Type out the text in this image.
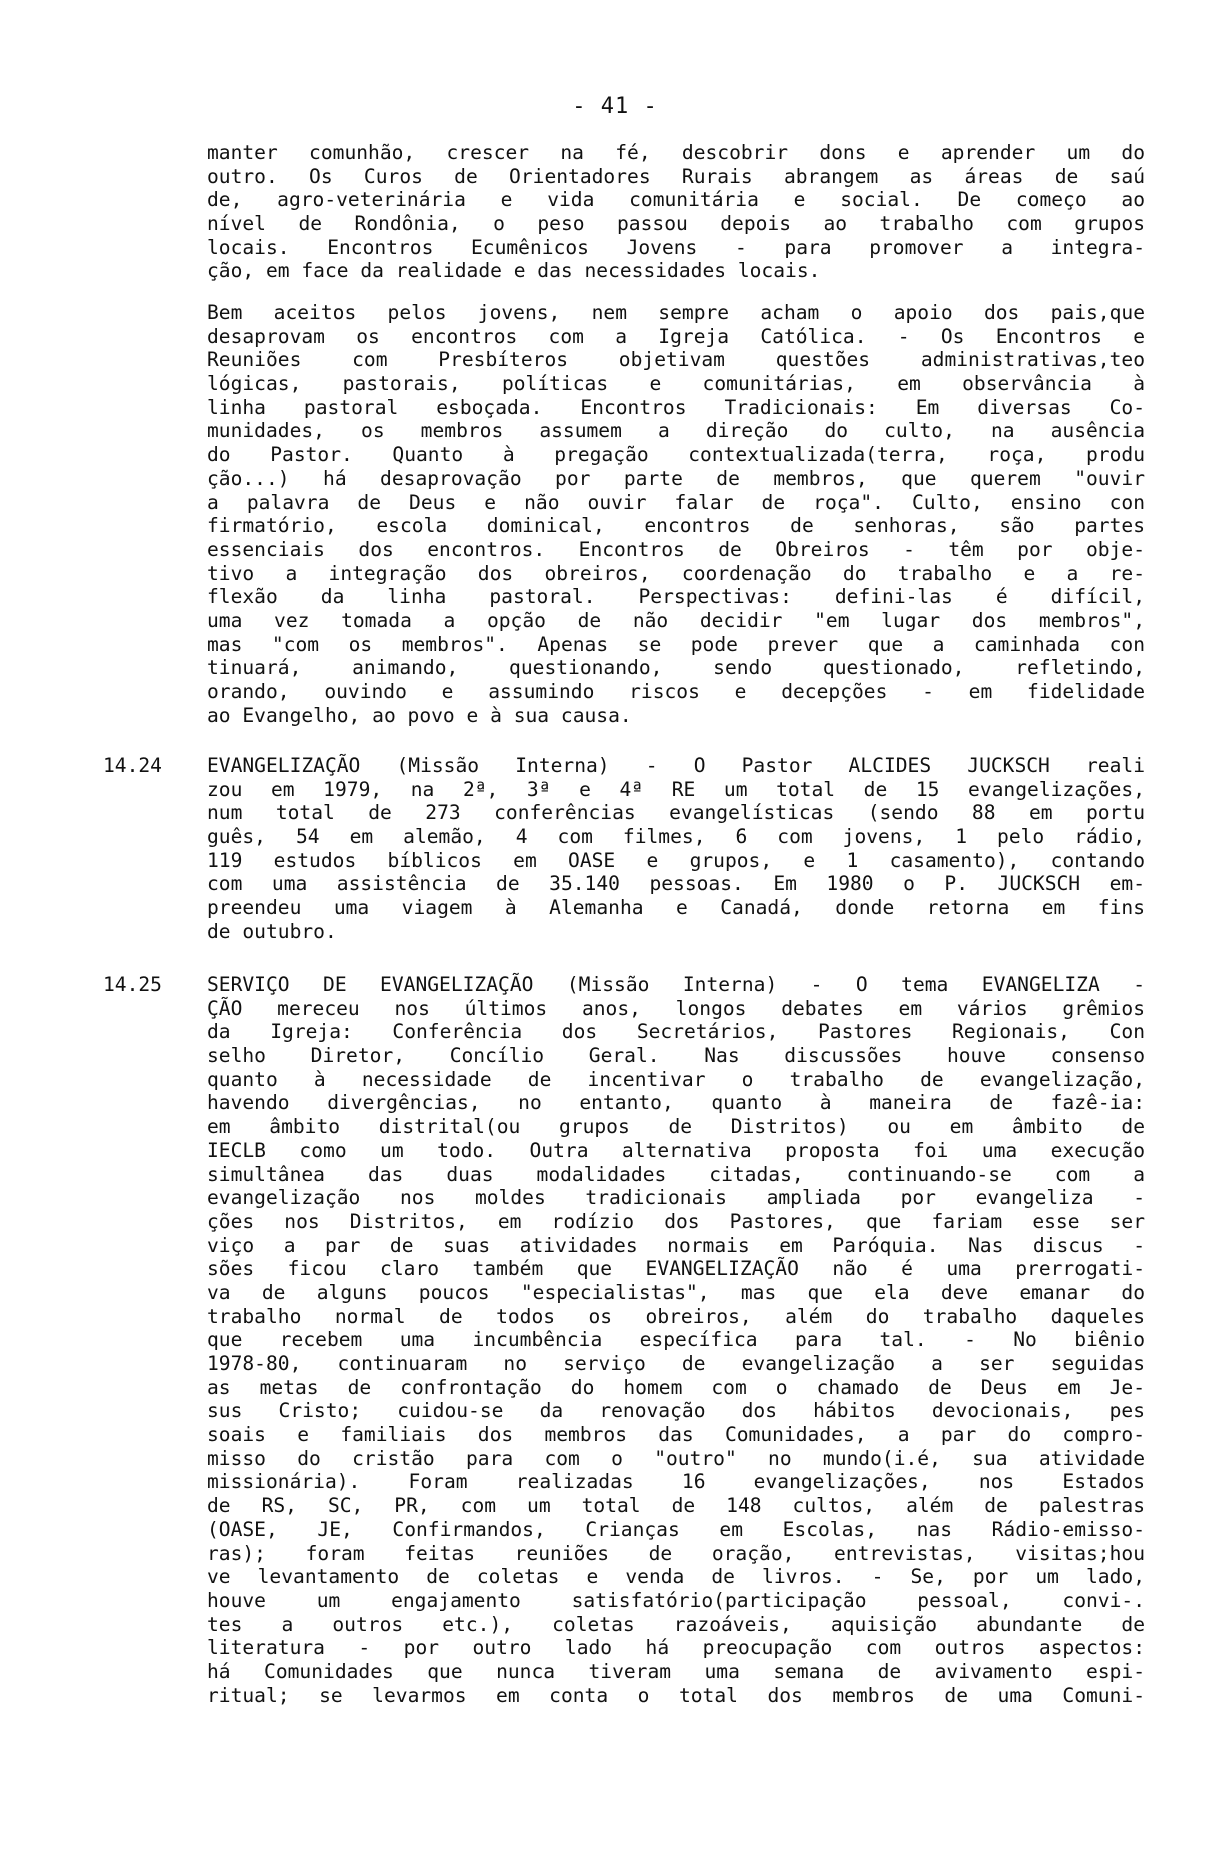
- 41 -
manter comunhão, crescer na fé, descobrir dons e aprender um do
outro. Os Curos de Orientadores Rurais abrangem as áreas de saú
de, agro-veterinária e vida comunitária e social. De começo ao
nível de Rondônia, o peso passou depois ao trabalho com grupos
locais. Encontros Ecumênicos Jovens - para promover a integra-
ção, em face da realidade e das necessidades locais.
Bem aceitos pelos jovens, nem sempre acham o apoio dos pais,que
desaprovam os encontros com a Igreja Católica. - Os Encontros e
Reuniões com Presbíteros objetivam questões administrativas,teo
lógicas, pastorais, políticas e comunitárias, em observância à
linha pastoral esboçada. Encontros Tradicionais: Em diversas Co-
munidades, os membros assumem a direção do culto, na ausência
do Pastor. Quanto à pregação contextualizada(terra, roça, produ
ção...) há desaprovação por parte de membros, que querem "ouvir
a palavra de Deus e não ouvir falar de roça". Culto, ensino con
firmatório, escola dominical, encontros de senhoras, são partes
essenciais dos encontros. Encontros de Obreiros - têm por obje-
tivo a integração dos obreiros, coordenação do trabalho e a re-
flexão da linha pastoral. Perspectivas: defini-las é difícil,
uma vez tomada a opção de não decidir "em lugar dos membros",
mas "com os membros". Apenas se pode prever que a caminhada con
tinuará, animando, questionando, sendo questionado, refletindo,
orando, ouvindo e assumindo riscos e decepções - em fidelidade
ao Evangelho, ao povo e à sua causa.
14.24 EVANGELIZAÇÃO (Missão Interna) - O Pastor ALCIDES JUCKSCH reali
zou em 1979, na 2ª, 3ª e 4ª RE um total de 15 evangelizações,
num total de 273 conferências evangelísticas (sendo 88 em portu
guês, 54 em alemão, 4 com filmes, 6 com jovens, 1 pelo rádio,
119 estudos bíblicos em OASE e grupos, e 1 casamento), contando
com uma assistência de 35.140 pessoas. Em 1980 o P. JUCKSCH em-
preendeu uma viagem à Alemanha e Canadá, donde retorna em fins
de outubro.
14.25 SERVIÇO DE EVANGELIZAÇÃO (Missão Interna) - O tema EVANGELIZA -
ÇÃO mereceu nos últimos anos, longos debates em vários grêmios
da Igreja: Conferência dos Secretários, Pastores Regionais, Con
selho Diretor, Concílio Geral. Nas discussões houve consenso
quanto à necessidade de incentivar o trabalho de evangelização,
havendo divergências, no entanto, quanto à maneira de fazê-ia:
em âmbito distrital(ou grupos de Distritos) ou em âmbito de
IECLB como um todo. Outra alternativa proposta foi uma execução
simultânea das duas modalidades citadas, continuando-se com a
evangelização nos moldes tradicionais ampliada por evangeliza -
ções nos Distritos, em rodízio dos Pastores, que fariam esse ser
viço a par de suas atividades normais em Paróquia. Nas discus -
sões ficou claro também que EVANGELIZAÇÃO não é uma prerrogati-
va de alguns poucos "especialistas", mas que ela deve emanar do
trabalho normal de todos os obreiros, além do trabalho daqueles
que recebem uma incumbência específica para tal. - No biênio
1978-80, continuaram no serviço de evangelização a ser seguidas
as metas de confrontação do homem com o chamado de Deus em Je-
sus Cristo; cuidou-se da renovação dos hábitos devocionais, pes
soais e familiais dos membros das Comunidades, a par do compro-
misso do cristão para com o "outro" no mundo(i.é, sua atividade
missionária). Foram realizadas 16 evangelizações, nos Estados
de RS, SC, PR, com um total de 148 cultos, além de palestras
(OASE, JE, Confirmandos, Crianças em Escolas, nas Rádio-emisso-
ras); foram feitas reuniões de oração, entrevistas, visitas;hou
ve levantamento de coletas e venda de livros. - Se, por um lado,
houve um engajamento satisfatório(participação pessoal, convi-.
tes a outros etc.), coletas razoáveis, aquisição abundante de
literatura - por outro lado há preocupação com outros aspectos:
há Comunidades que nunca tiveram uma semana de avivamento espi-
ritual; se levarmos em conta o total dos membros de uma Comuni-
